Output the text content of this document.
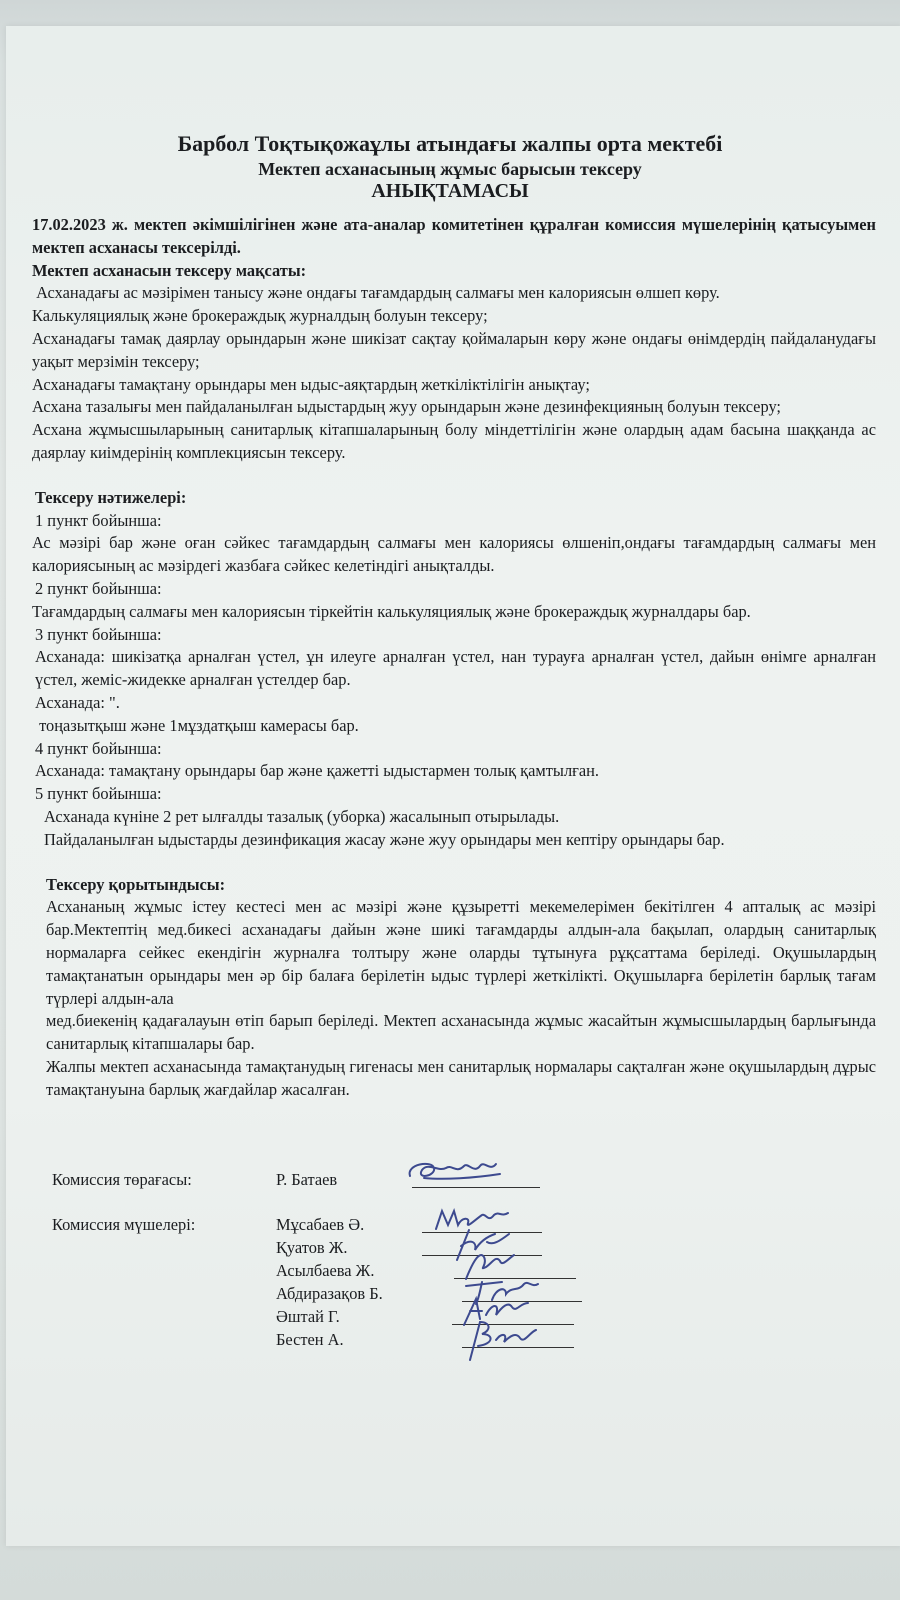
Барбол Тоқтықожаұлы атындағы жалпы орта мектебі
Мектеп асханасының жұмыс барысын тексеру
АНЫҚТАМАСЫ

17.02.2023 ж. мектеп әкімшілігінен және ата-аналар комитетінен құралған комиссия мүшелерінің қатысуымен мектеп асханасы тексерілді.

Мектеп асханасын тексеру мақсаты:

Асханадағы ас мәзірімен танысу және ондағы тағамдардың салмағы мен калориясын өлшеп көру.

Калькуляциялық және брокераждық журналдың болуын тексеру;

Асханадағы тамақ даярлау орындарын және шикізат сақтау қоймаларын көру және ондағы өнімдердің пайдаланудағы уақыт мерзімін тексеру;

Асханадағы тамақтану орындары мен ыдыс-аяқтардың жеткіліктілігін анықтау;

Асхана тазалығы мен пайдаланылған ыдыстардың жуу орындарын және дезинфекцияның болуын тексеру;

Асхана жұмысшыларының санитарлық кітапшаларының болу міндеттілігін және олардың адам басына шаққанда ас даярлау киімдерінің комплекциясын тексеру.

Тексеру нәтижелері:

1 пункт бойынша:

Ас мәзірі бар және оған сәйкес тағамдардың салмағы мен калориясы өлшеніп,ондағы тағамдардың салмағы мен калориясының ас мәзірдегі жазбаға сәйкес келетіндігі анықталды.

2 пункт бойынша:

Тағамдардың салмағы мен калориясын тіркейтін калькуляциялық және брокераждық журналдары бар.

3 пункт бойынша:

Асханада: шикізатқа арналған үстел, ұн илеуге арналған үстел, нан турауға арналған үстел, дайын өнімге арналған үстел, жеміс-жидекке арналған үстелдер бар.

Асханада: ".

тоңазытқыш және 1мұздатқыш камерасы бар.

4 пункт бойынша:

Асханада: тамақтану орындары бар және қажетті ыдыстармен толық қамтылған.

5 пункт бойынша:

Асханада күніне 2 рет ылғалды тазалық (уборка) жасалынып отырылады.

Пайдаланылған ыдыстарды дезинфикация жасау және жуу орындары мен кептіру орындары бар.

Тексеру қорытындысы:

Асхананың жұмыс істеу кестесі мен ас мәзірі және құзыретті мекемелерімен бекітілген 4 апталық ас мәзірі бар.Мектептің мед.бикесі асханадағы дайын және шикі тағамдарды алдын-ала бақылап, олардың санитарлық нормаларға сейкес екендігін журналға толтыру және оларды тұтынуға рұқсаттама беріледі. Оқушылардың тамақтанатын орындары мен әр бір балаға берілетін ыдыс түрлері жеткілікті. Оқушыларға берілетін барлық тағам түрлері алдын-ала

мед.биекенің қадағалауын өтіп барып беріледі. Мектеп асханасында жұмыс жасайтын жұмысшылардың барлығында санитарлық кітапшалары бар.

Жалпы мектеп асханасында тамақтанудың гигенасы мен санитарлық нормалары сақталған және оқушылардың дұрыс тамақтануына барлық жағдайлар жасалған.

Комиссия төрағасы:	Р. Батаев
Комиссия мүшелері:	Мұсабаев Ә.
Қуатов Ж.
Асылбаева Ж.
Абдиразақов Б.
Әштай Г.
Бестен А.
